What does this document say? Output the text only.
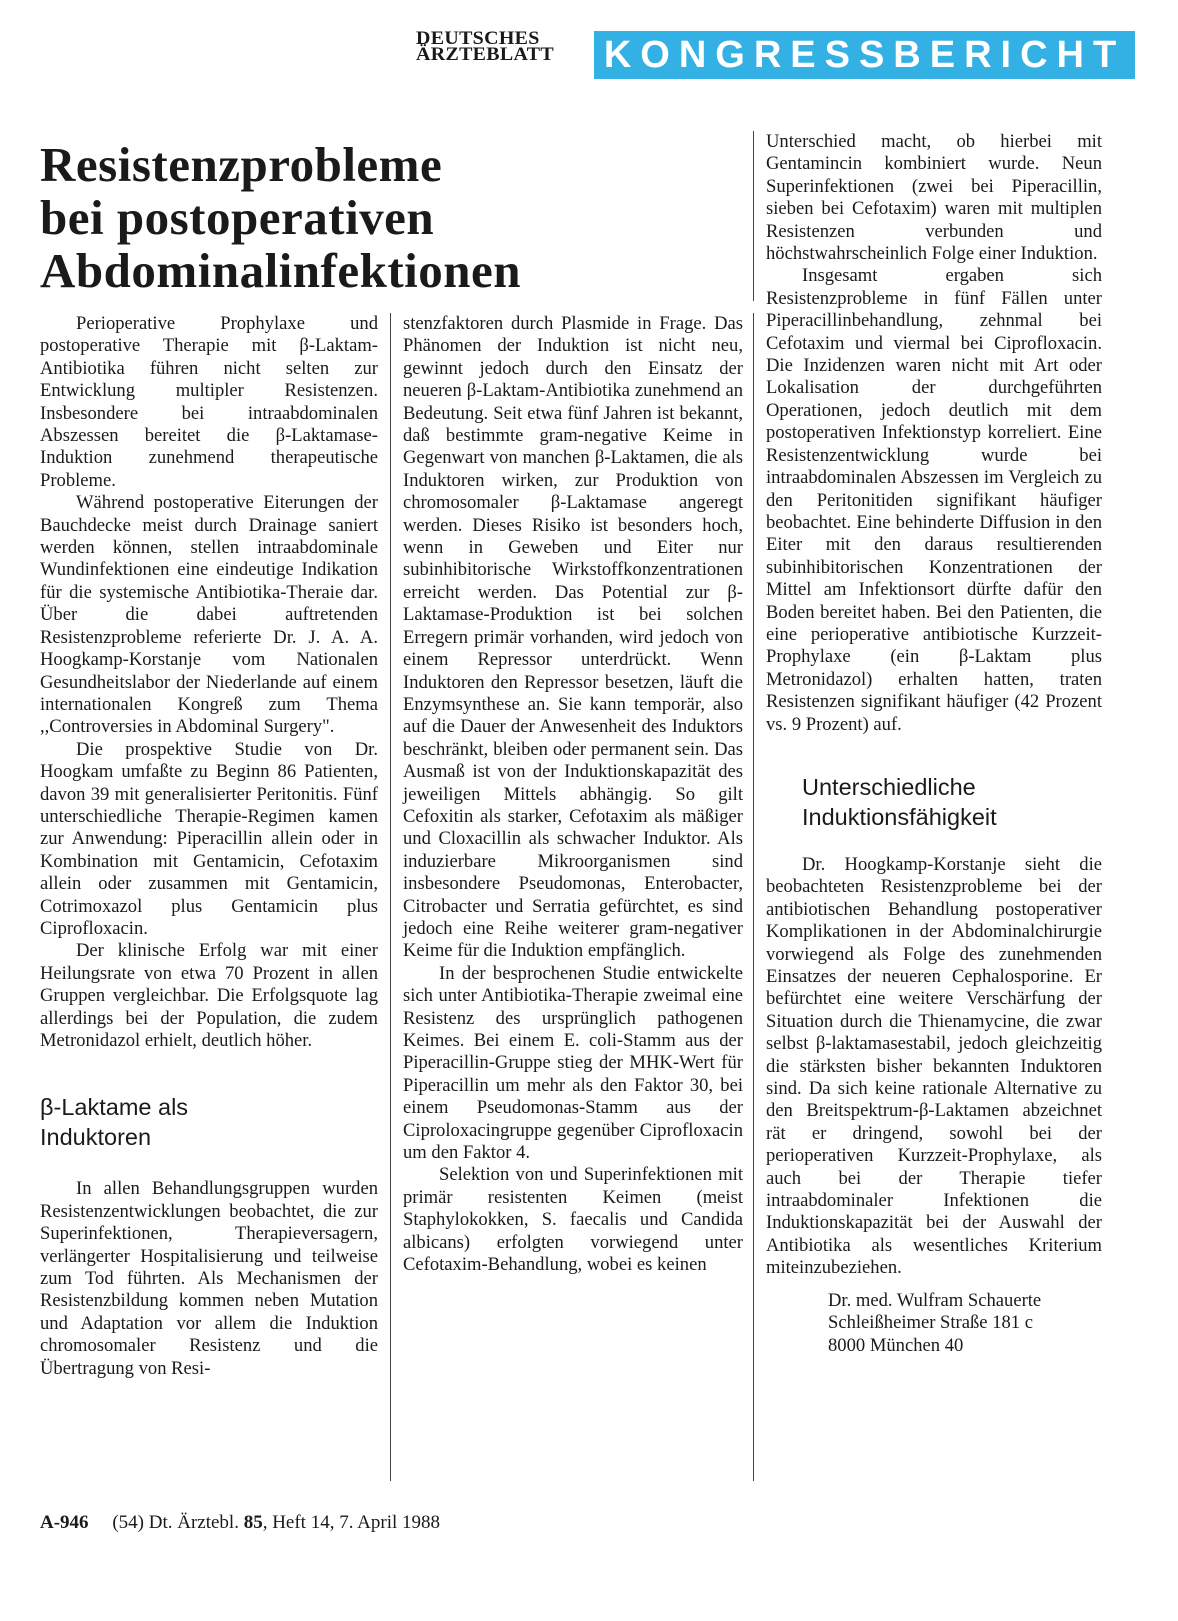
DEUTSCHES
ÄRZTEBLATT	KONGRESSBERICHT
Resistenzprobleme
bei postoperativen
Abdominalinfektionen

Perioperative Prophylaxe und postoperative Therapie mit β-Laktam-Antibiotika führen nicht selten zur Entwicklung multipler Resistenzen. Insbesondere bei intraabdominalen Abszessen bereitet die β-Laktamase-Induktion zunehmend therapeutische Probleme.

Während postoperative Eiterungen der Bauchdecke meist durch Drainage saniert werden können, stellen intraabdominale Wundinfektionen eine eindeutige Indikation für die systemische Antibiotika-Theraie dar. Über die dabei auftretenden Resistenzprobleme referierte Dr. J. A. A. Hoogkamp-Korstanje vom Nationalen Gesundheitslabor der Niederlande auf einem internationalen Kongreß zum Thema ,,Controversies in Abdominal Surgery".

Die prospektive Studie von Dr. Hoogkam umfaßte zu Beginn 86 Patienten, davon 39 mit generalisierter Peritonitis. Fünf unterschiedliche Therapie-Regimen kamen zur Anwendung: Piperacillin allein oder in Kombination mit Gentamicin, Cefotaxim allein oder zusammen mit Gentamicin, Cotrimoxazol plus Gentamicin plus Ciprofloxacin.

Der klinische Erfolg war mit einer Heilungsrate von etwa 70 Prozent in allen Gruppen vergleichbar. Die Erfolgsquote lag allerdings bei der Population, die zudem Metronidazol erhielt, deutlich höher.

β-Laktame als
Induktoren

In allen Behandlungsgruppen wurden Resistenzentwicklungen beobachtet, die zur Superinfektionen, Therapieversagern, verlängerter Hospitalisierung und teilweise zum Tod führten. Als Mechanismen der Resistenzbildung kommen neben Mutation und Adaptation vor allem die Induktion chromosomaler Resistenz und die Übertragung von Resi-

stenzfaktoren durch Plasmide in Frage. Das Phänomen der Induktion ist nicht neu, gewinnt jedoch durch den Einsatz der neueren β-Laktam-Antibiotika zunehmend an Bedeutung. Seit etwa fünf Jahren ist bekannt, daß bestimmte gram-negative Keime in Gegenwart von manchen β-Laktamen, die als Induktoren wirken, zur Produktion von chromosomaler β-Laktamase angeregt werden. Dieses Risiko ist besonders hoch, wenn in Geweben und Eiter nur subinhibitorische Wirkstoffkonzentrationen erreicht werden. Das Potential zur β-Laktamase-Produktion ist bei solchen Erregern primär vorhanden, wird jedoch von einem Repressor unterdrückt. Wenn Induktoren den Repressor besetzen, läuft die Enzymsynthese an. Sie kann temporär, also auf die Dauer der Anwesenheit des Induktors beschränkt, bleiben oder permanent sein. Das Ausmaß ist von der Induktionskapazität des jeweiligen Mittels abhängig. So gilt Cefoxitin als starker, Cefotaxim als mäßiger und Cloxacillin als schwacher Induktor. Als induzierbare Mikroorganismen sind insbesondere Pseudomonas, Enterobacter, Citrobacter und Serratia gefürchtet, es sind jedoch eine Reihe weiterer gram-negativer Keime für die Induktion empfänglich.

In der besprochenen Studie entwickelte sich unter Antibiotika-Therapie zweimal eine Resistenz des ursprünglich pathogenen Keimes. Bei einem E. coli-Stamm aus der Piperacillin-Gruppe stieg der MHK-Wert für Piperacillin um mehr als den Faktor 30, bei einem Pseudomonas-Stamm aus der Ciproloxacingruppe gegenüber Ciprofloxacin um den Faktor 4.

Selektion von und Superinfektionen mit primär resistenten Keimen (meist Staphylokokken, S. faecalis und Candida albicans) erfolgten vorwiegend unter Cefotaxim-Behandlung, wobei es keinen

Unterschied macht, ob hierbei mit Gentamincin kombiniert wurde. Neun Superinfektionen (zwei bei Piperacillin, sieben bei Cefotaxim) waren mit multiplen Resistenzen verbunden und höchstwahrscheinlich Folge einer Induktion.

Insgesamt ergaben sich Resistenzprobleme in fünf Fällen unter Piperacillinbehandlung, zehnmal bei Cefotaxim und viermal bei Ciprofloxacin. Die Inzidenzen waren nicht mit Art oder Lokalisation der durchgeführten Operationen, jedoch deutlich mit dem postoperativen Infektionstyp korreliert. Eine Resistenzentwicklung wurde bei intraabdominalen Abszessen im Vergleich zu den Peritonitiden signifikant häufiger beobachtet. Eine behinderte Diffusion in den Eiter mit den daraus resultierenden subinhibitorischen Konzentrationen der Mittel am Infektionsort dürfte dafür den Boden bereitet haben. Bei den Patienten, die eine perioperative antibiotische Kurzzeit-Prophylaxe (ein β-Laktam plus Metronidazol) erhalten hatten, traten Resistenzen signifikant häufiger (42 Prozent vs. 9 Prozent) auf.

Unterschiedliche
Induktionsfähigkeit

Dr. Hoogkamp-Korstanje sieht die beobachteten Resistenzprobleme bei der antibiotischen Behandlung postoperativer Komplikationen in der Abdominalchirurgie vorwiegend als Folge des zunehmenden Einsatzes der neueren Cephalosporine. Er befürchtet eine weitere Verschärfung der Situation durch die Thienamycine, die zwar selbst β-laktamasestabil, jedoch gleichzeitig die stärksten bisher bekannten Induktoren sind. Da sich keine rationale Alternative zu den Breitspektrum-β-Laktamen abzeichnet rät er dringend, sowohl bei der perioperativen Kurzzeit-Prophylaxe, als auch bei der Therapie tiefer intraabdominaler Infektionen die Induktionskapazität bei der Auswahl der Antibiotika als wesentliches Kriterium miteinzubeziehen.

Dr. med. Wulfram Schauerte
Schleißheimer Straße 181 c
8000 München 40

A-946 (54) Dt. Ärztebl. 85, Heft 14, 7. April 1988
